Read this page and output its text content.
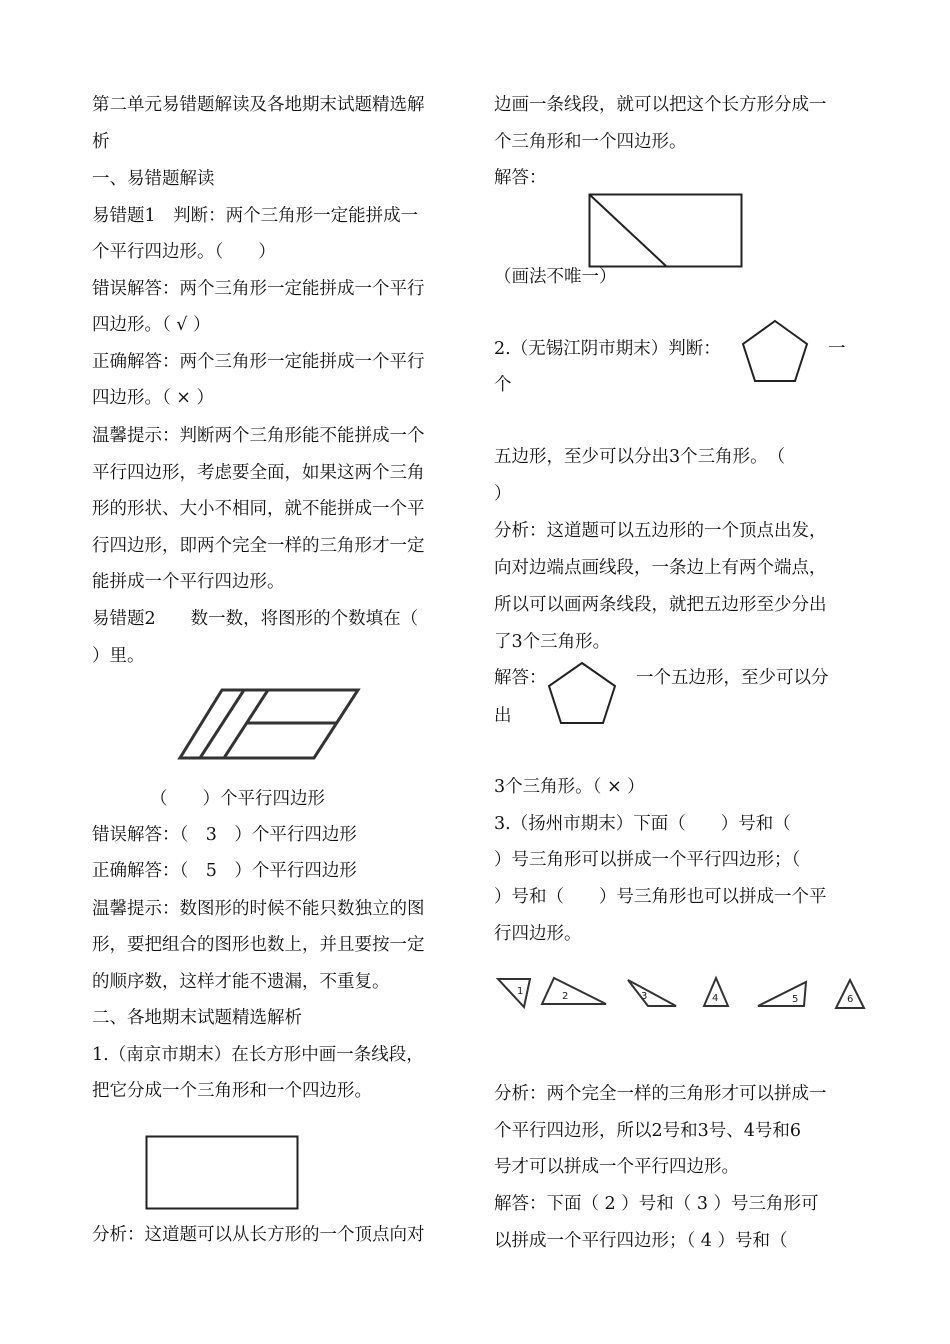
第二单元易错题解读及各地期末试题精选解
析
一、易错题解读
易错题1　判断：两个三角形一定能拼成一
个平行四边形。（　　）
错误解答：两个三角形一定能拼成一个平行
四边形。（ √ ）
正确解答：两个三角形一定能拼成一个平行
四边形。（ × ）
温馨提示：判断两个三角形能不能拼成一个
平行四边形，考虑要全面，如果这两个三角
形的形状、大小不相同，就不能拼成一个平
行四边形，即两个完全一样的三角形才一定
能拼成一个平行四边形。
易错题2　　数一数，将图形的个数填在（
）里。
（　　）个平行四边形
错误解答：（　3　）个平行四边形
正确解答：（　5　）个平行四边形
温馨提示：数图形的时候不能只数独立的图
形，要把组合的图形也数上，并且要按一定
的顺序数，这样才能不遗漏，不重复。
二、各地期末试题精选解析
1.（南京市期末）在长方形中画一条线段，
把它分成一个三角形和一个四边形。
分析：这道题可以从长方形的一个顶点向对
边画一条线段，就可以把这个长方形分成一
个三角形和一个四边形。
解答：
（画法不唯一）
2.（无锡江阴市期末）判断：	一
个
五边形，至少可以分出3个三角形。　（
）
分析：这道题可以五边形的一个顶点出发，
向对边端点画线段，一条边上有两个端点，
所以可以画两条线段，就把五边形至少分出
了3个三角形。
解答：	一个五边形，至少可以分
出
3个三角形。（ × ）
3.（扬州市期末）下面（　　）号和（
）号三角形可以拼成一个平行四边形；（
）号和（　　）号三角形也可以拼成一个平
行四边形。
1	2	3	4	5	6
分析：两个完全一样的三角形才可以拼成一
个平行四边形，所以2号和3号、4号和6
号才可以拼成一个平行四边形。
解答：下面（ 2 ）号和（ 3 ）号三角形可
以拼成一个平行四边形；（ 4 ）号和（
